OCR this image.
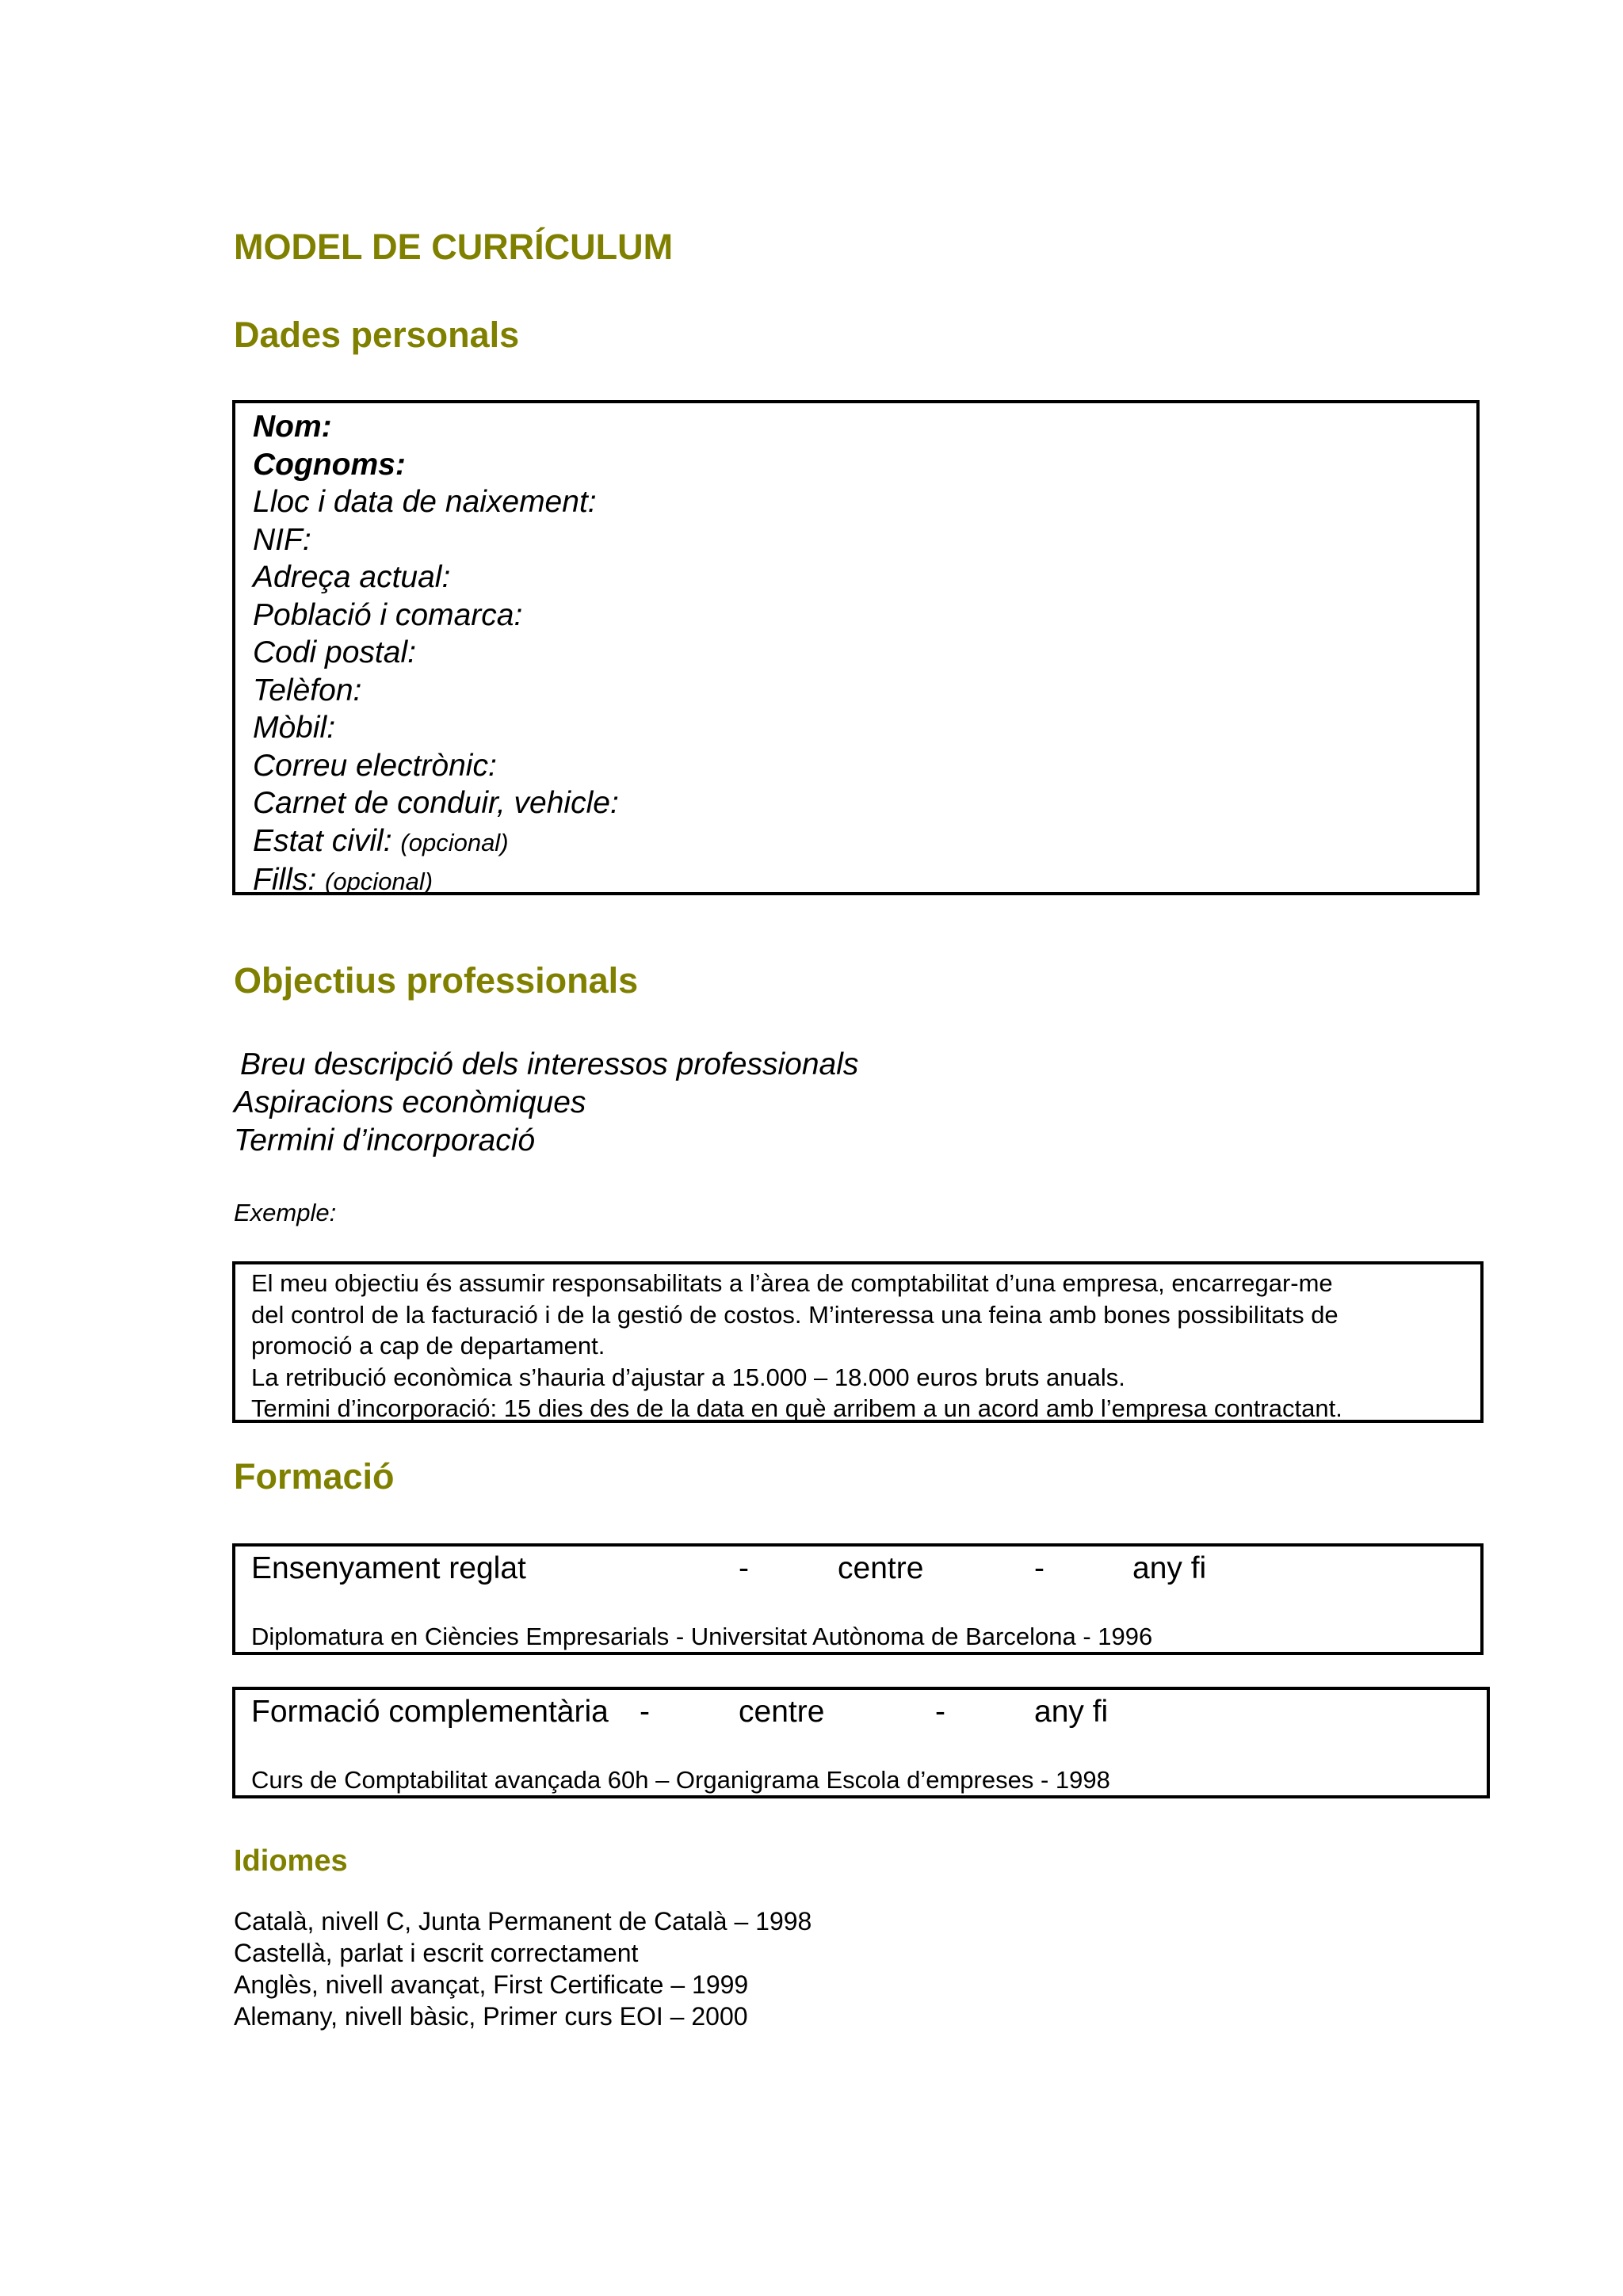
MODEL DE CURRÍCULUM
Dades personals
Nom:
Cognoms:
Lloc i data de naixement:
NIF:
Adreça actual:
Població i comarca:
Codi postal:
Telèfon:
Mòbil:
Correu electrònic:
Carnet de conduir, vehicle:
Estat civil: (opcional)
Fills: (opcional)
Objectius professionals
Breu descripció dels interessos professionals
Aspiracions econòmiques
Termini d’incorporació
Exemple:
El meu objectiu és assumir responsabilitats a l’àrea de comptabilitat d’una empresa, encarregar-me
del control de la facturació i de la gestió de costos. M’interessa una feina amb bones possibilitats de
promoció a cap de departament.
La retribució econòmica s’hauria d’ajustar a 15.000 – 18.000 euros bruts anuals.
Termini d’incorporació: 15 dies des de la data en què arribem a un acord amb l’empresa contractant.
Formació
Ensenyament reglat	-	centre	-	any fi
Diplomatura en Ciències Empresarials - Universitat Autònoma de Barcelona - 1996
Formació complementària -	centre	-	any fi
Curs de Comptabilitat avançada 60h – Organigrama Escola d’empreses - 1998
Idiomes
Català, nivell C, Junta Permanent de Català – 1998
Castellà, parlat i escrit correctament
Anglès, nivell avançat, First Certificate – 1999
Alemany, nivell bàsic, Primer curs EOI – 2000
